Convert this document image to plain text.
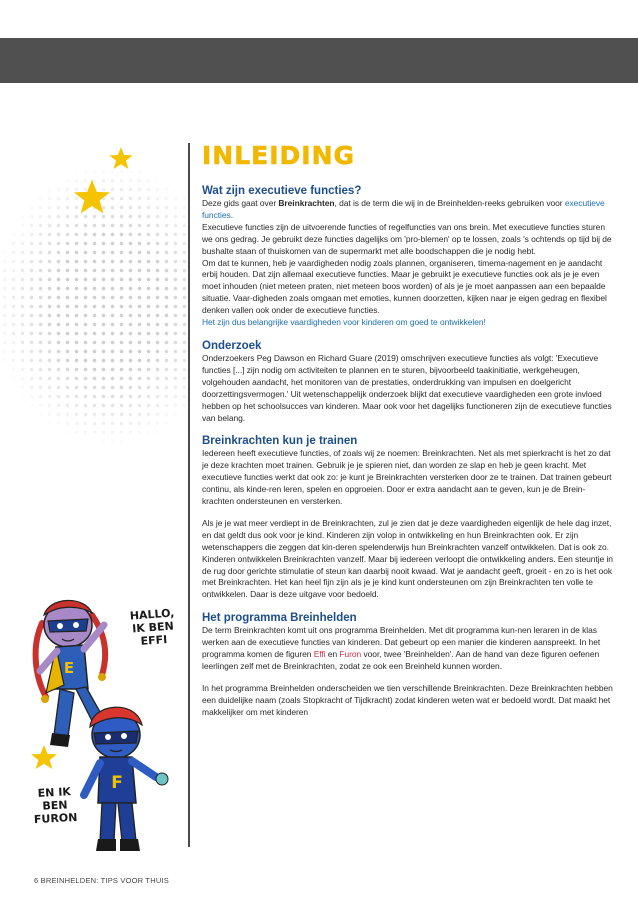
INLEIDING
Wat zijn executieve functies?

Deze gids gaat over Breinkrachten, dat is de term die wij in de Breinhelden-reeks gebruiken voor executieve functies.

Executieve functies zijn de uitvoerende functies of regelfuncties van ons brein. Met executieve functies sturen we ons gedrag. Je gebruikt deze functies dagelijks om 'pro-blemen' op te lossen, zoals 's ochtends op tijd bij de bushalte staan of thuiskomen van de supermarkt met alle boodschappen die je nodig hebt.

Om dat te kunnen, heb je vaardigheden nodig zoals plannen, organiseren, timema-nagement en je aandacht erbij houden. Dat zijn allemaal executieve functies. Maar je gebruikt je executieve functies ook als je je even moet inhouden (niet meteen praten, niet meteen boos worden) of als je je moet aanpassen aan een bepaalde situatie. Vaar-digheden zoals omgaan met emoties, kunnen doorzetten, kijken naar je eigen gedrag en flexibel denken vallen ook onder de executieve functies.

Het zijn dus belangrijke vaardigheden voor kinderen om goed te ontwikkelen!

Onderzoek

Onderzoekers Peg Dawson en Richard Guare (2019) omschrijven executieve functies als volgt: 'Executieve functies [...] zijn nodig om activiteiten te plannen en te sturen, bijvoorbeeld taakinitiatie, werkgeheugen, volgehouden aandacht, het monitoren van de prestaties, onderdrukking van impulsen en doelgericht doorzettingsvermogen.' Uit wetenschappelijk onderzoek blijkt dat executieve vaardigheden een grote invloed hebben op het schoolsucces van kinderen. Maar ook voor het dagelijks functioneren zijn de executieve functies van belang.

Breinkrachten kun je trainen

Iedereen heeft executieve functies, of zoals wij ze noemen: Breinkrachten. Net als met spierkracht is het zo dat je deze krachten moet trainen. Gebruik je je spieren niet, dan worden ze slap en heb je geen kracht. Met executieve functies werkt dat ook zo: je kunt je Breinkrachten versterken door ze te trainen. Dat trainen gebeurt continu, als kinde-ren leren, spelen en opgroeien. Door er extra aandacht aan te geven, kun je de Brein-krachten ondersteunen en versterken.

Als je je wat meer verdiept in de Breinkrachten, zul je zien dat je deze vaardigheden eigenlijk de hele dag inzet, en dat geldt dus ook voor je kind. Kinderen zijn volop in ontwikkeling en hun Breinkrachten ook. Er zijn wetenschappers die zeggen dat kin-deren spelenderwijs hun Breinkrachten vanzelf ontwikkelen. Dat is ook zo. Kinderen ontwikkelen Breinkrachten vanzelf. Maar bij iedereen verloopt die ontwikkeling anders. Een steuntje in de rug door gerichte stimulatie of steun kan daarbij nooit kwaad. Wat je aandacht geeft, groeit - en zo is het ook met Breinkrachten. Het kan heel fijn zijn als je je kind kunt ondersteunen om zijn Breinkrachten ten volle te ontwikkelen. Daar is deze uitgave voor bedoeld.

Het programma Breinhelden

De term Breinkrachten komt uit ons programma Breinhelden. Met dit programma kun-nen leraren in de klas werken aan de executieve functies van kinderen. Dat gebeurt op een manier die kinderen aanspreekt. In het programma komen de figuren Effi en Furon voor, twee 'Breinhelden'. Aan de hand van deze figuren oefenen leerlingen zelf met de Breinkrachten, zodat ze ook een Breinheld kunnen worden.

In het programma Breinhelden onderscheiden we tien verschillende Breinkrachten. Deze Breinkrachten hebben een duidelijke naam (zoals Stopkracht of Tijdkracht) zodat kinderen weten wat er bedoeld wordt. Dat maakt het makkelijker om met kinderen

HALLO,
IK BEN EFFI
EN IK
BEN FURON
E
F
6 BREINHELDEN: TIPS VOOR THUIS
